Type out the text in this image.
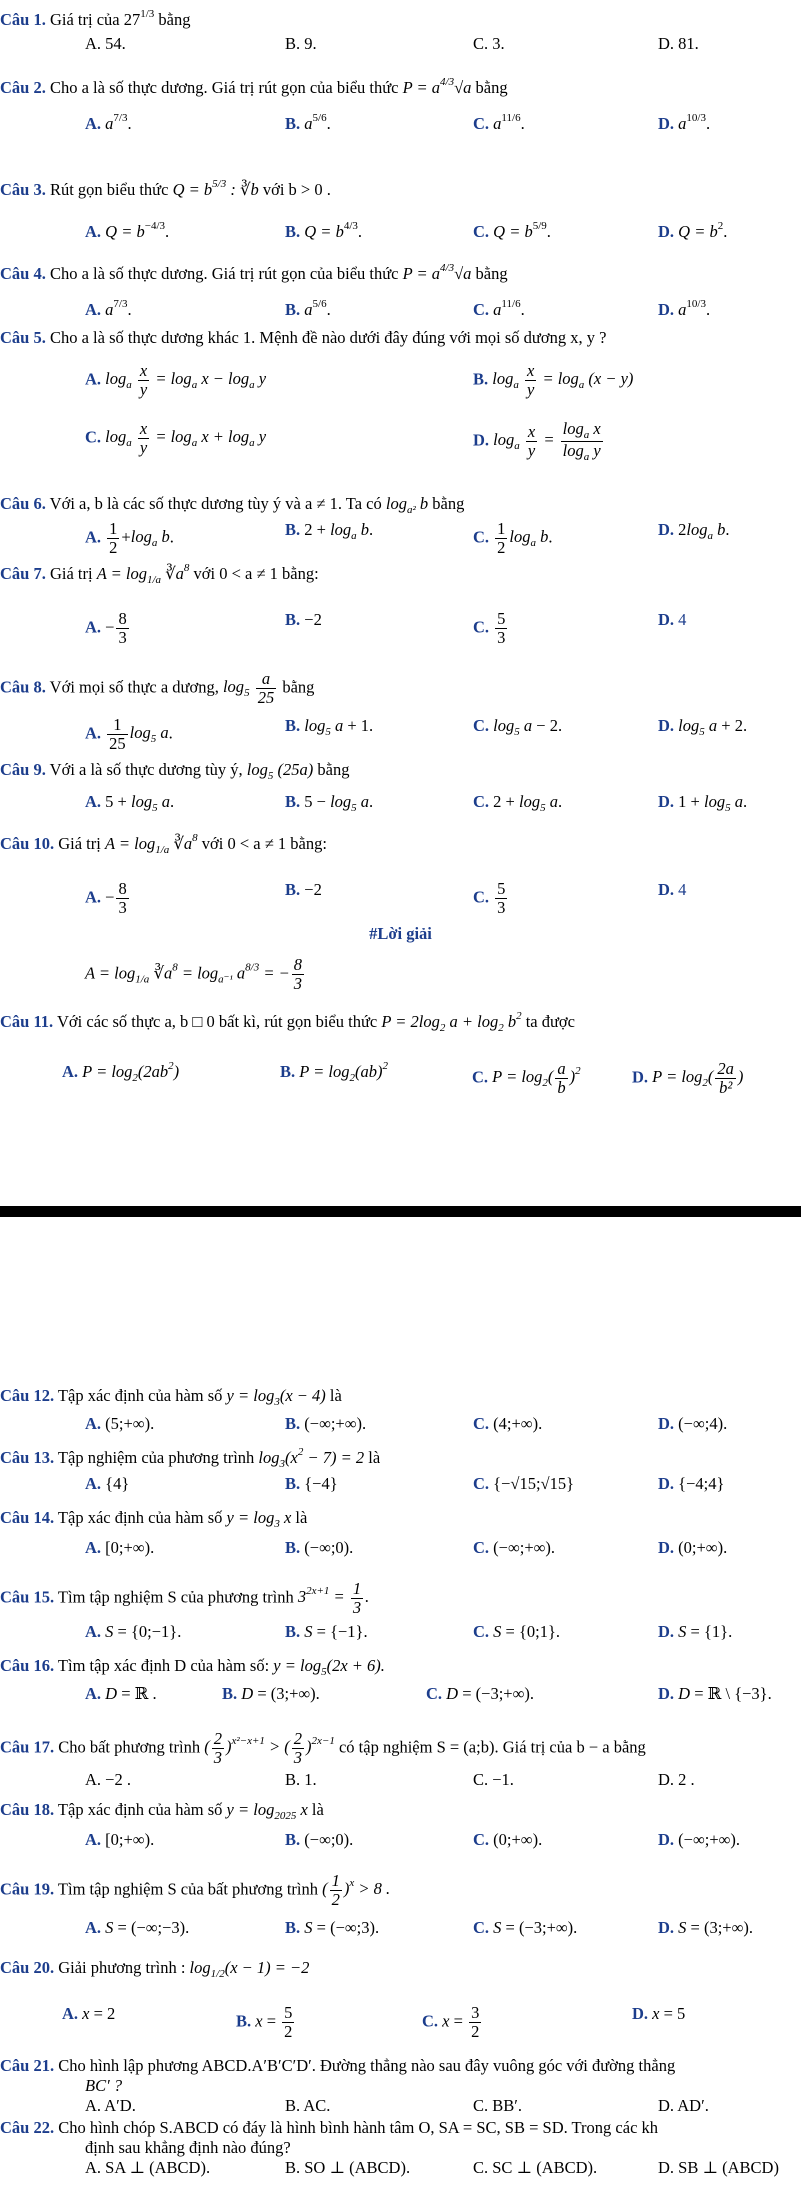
Câu 1. Giá trị của $27^{1/3}$ bằng
A. 54.	B. 9.	C. 3.	D. 81.
Câu 2. Cho a là số thực dương. Giá trị rút gọn của biểu thức $P = a^{4/3}√a$ bằng
A. $a^{7/3}$.	B. $a^{5/6}$.	C. $a^{11/6}$.	D. $a^{10/3}$.
Câu 3. Rút gọn biểu thức $Q = b^{5/3}$ : ∛b với b > 0 .
A. $Q = b^{-4/3}$.	B. $Q = b^{4/3}$.	C. $Q = b^{5/9}$.	D. $Q = b^2$.
Câu 4. Cho a là số thực dương. Giá trị rút gọn của biểu thức $P = a^{4/3}√a$ bằng
A. $a^{7/3}$.	B. $a^{5/6}$.	C. $a^{11/6}$.	D. $a^{10/3}$.
Câu 5. Cho a là số thực dương khác 1. Mệnh đề nào dưới đây đúng với mọi số dương x, y ?
A. $\log_a \frac{x}{y} = \log_a x - \log_a y$	B. $\log_a \frac{x}{y} = \log_a (x - y)$
C. $\log_a \frac{x}{y} = \log_a x + \log_a y$	D. $\log_a \frac{x}{y} = \frac{\log_a x}{\log_a y}$
Câu 6. Với a, b là các số thực dương tùy ý và a ≠ 1. Ta có $\log_{a^2} b$ bằng
A. $\frac{1}{2} +\log_a$ b.	B. $2 + \log_a b$.	C. $\frac{1}{2} \log_a b$.	D. $2\log_a$ b.
Câu 7. Giá trị $A = \log_{1/a}$ $∛a^8$ với 0 < a ≠ 1 bằng:
A. − $\frac{8}{3}$	B. −2	C. $\frac{5}{3}$	D. 4
Câu 8. Với mọi số thực a dương, $\log_5 \frac{a}{25}$ bằng
A. $\frac{1}{25} \log_5 a$.	B. $\log_5 a + 1$.	C. $\log_5 a - 2$.	D. $\log_5 a + 2$.
Câu 9. Với a là số thực dương tùy ý, $\log_5 (25a)$ bằng
A. $5 + \log_5 a$.	B. $5 - \log_5 a$.	C. $2 + \log_5 a$.	D. $1 + \log_5 a$.
Câu 10. Giá trị $A = \log_{1/a}$ $∛a^8$ với 0 < a ≠ 1 bằng:
A. − $\frac{8}{3}$	B. −2	C. $\frac{5}{3}$	D. 4
#Lời giải
$A = \log_{1/a}$ $∛a^8 = \log_{a^{-1}} a^{8/3}$ = − $\frac{8}{3}$
Câu 11. Với các số thực a, b □ 0 bất kì, rút gọn biểu thức $P = 2\log_2$ $a + \log_2 b^2$ ta được
A. $P = \log_2(2ab^2)$	B. $P = \log_2(ab)^2$
C. $P = \log_2( \frac{a}{b} )^2$	D. $P = \log_2( \frac{2a}{\text{b²}}$ )
Câu 12. Tập xác định của hàm số $y = \log_3(x - 4)$ là
A. (5;+∞).	B. (−∞;+∞).	C. (4;+∞).	D. (−∞;4).
Câu 13. Tập nghiệm của phương trình $\log_3(x^2 - 7) = 2$ là
A. {4}	B. {−4}	C. {−√15;√15}	D. {−4;4}
Câu 14. Tập xác định của hàm số $y = \log_3 x$ là
A. [0;+∞).	B. (−∞;0).	C. (−∞;+∞).	D. (0;+∞).
Câu 15. Tìm tập nghiệm S của phương trình $3^{2x+1} = \frac{1}{3}$ .
A. S = {0;−1}.	B. S = {−1}.	C. S = {0;1}.	D. S = {1}.
Câu 16. Tìm tập xác định D của hàm số: $y = \log_5(2x + 6)$.
A. D = ℝ .	B. D = (3;+∞).	C. D = (−3;+∞).	D. D = ℝ \ {−3}.
Câu 17. Cho bất phương trình ( $\frac{2}{3} )^{x^2-x+1}$ > ( $\frac{2}{3} )^{2x-1}$ có tập nghiệm S = (a;b). Giá trị của b − a bằng
A. −2 .	B. 1.	C. −1.	D. 2 .
Câu 18. Tập xác định của hàm số $y = \log_{2025} x$ là
A. [0;+∞).	B. (−∞;0).	C. (0;+∞).	D. (−∞;+∞).
Câu 19. Tìm tập nghiệm S của bất phương trình ( $\frac{1}{2} )^x > 8$ .
A. S = (−∞;−3).	B. S = (−∞;3).	C. S = (−3;+∞).	D. S = (3;+∞).
Câu 20. Giải phương trình : $\log_{1/2}(x - 1) = -2$
A. x = 2	B. $x = \frac{5}{2}$	C. $x = \frac{3}{2}$	D. x = 5
Câu 21. Cho hình lập phương ABCD.A′B′C′D′. Đường thẳng nào sau đây vuông góc với đường thẳng
BC′ ?
A. A′D.	B. AC.	C. BB′.	D. AD′.
Câu 22. Cho hình chóp S.ABCD có đáy là hình bình hành tâm O, SA = SC, SB = SD. Trong các kh
định sau khẳng định nào đúng?
A. SA ⊥ (ABCD).	B. SO ⊥ (ABCD).	C. SC ⊥ (ABCD).	D. SB ⊥ (ABCD)
